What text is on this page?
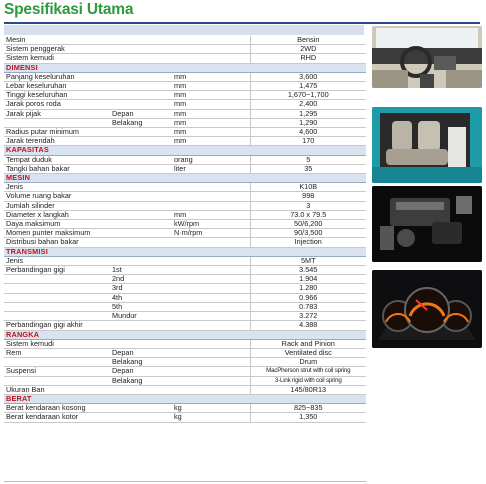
Spesifikasi Utama
Mesin			Bensin
Sistem penggerak			2WD
Sistem kemudi			RHD
DIMENSI			
Panjang keseluruhan		mm	3,600
Lebar keseluruhan		mm	1,475
Tinggi keseluruhan		mm	1,670~1,700
Jarak poros roda		mm	2,400
Jarak pijak	Depan	mm	1,295
	Belakang	mm	1,290
Radius putar minimum		mm	4,600
Jarak terendah		mm	170
KAPASITAS			
Tempat duduk		orang	5
Tangki bahan bakar		liter	35
MESIN			
Jenis			K10B
Volume ruang bakar			998
Jumlah silinder			3
Diameter x langkah		mm	73.0 x 79.5
Daya maksimum		kW/rpm	50/6,200
Momen punter maksimum		N·m/rpm	90/3,500
Distribusi bahan bakar			Injection
TRANSMISI			
Jenis			5MT
Perbandingan gigi	1st		3.545
	2nd		1.904
	3rd		1.280
	4th		0.966
	5th		0.783
	Mundur		3.272
Perbandingan gigi akhir			4.388
RANGKA			
Sistem kemudi			Rack and Pinion
Rem	Depan		Ventilated disc
	Belakang		Drum
Suspensi	Depan		MacPherson strut with coil spring
	Belakang		3-Link rigid with coil spring
Ukuran Ban			145/80R13
BERAT			
Berat kendaraan kosong		kg	825~835
Berat kendaraan kotor		kg	1,350
